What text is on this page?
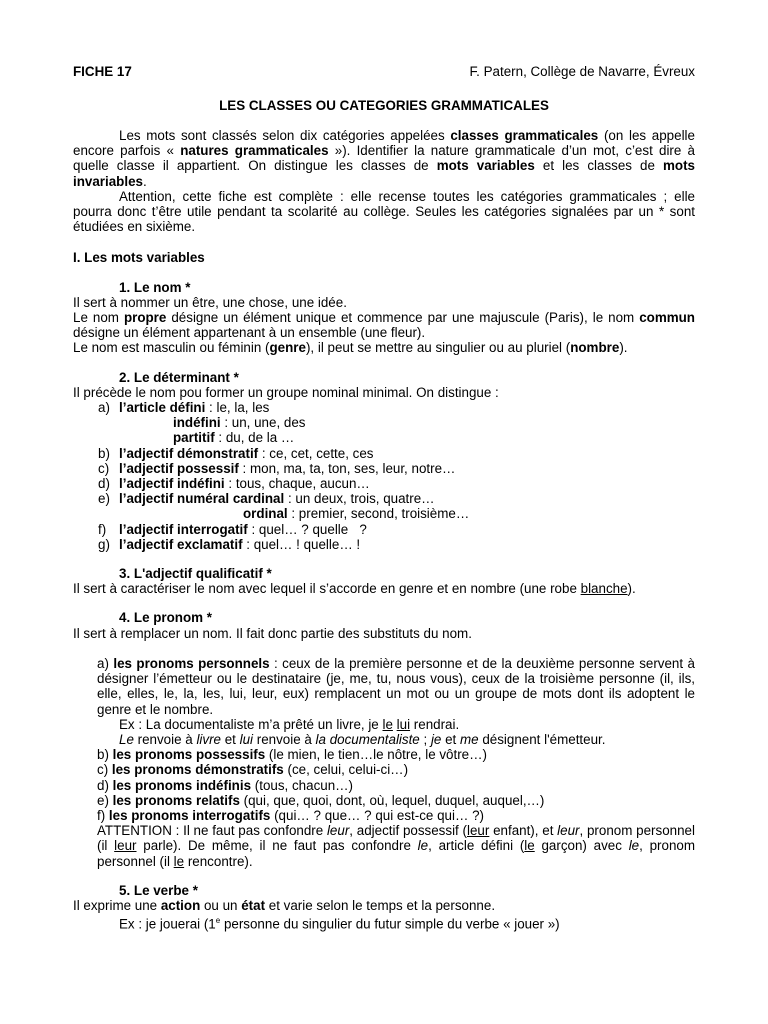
FICHE 17	F. Patern, Collège de Navarre, Évreux
LES CLASSES OU CATEGORIES GRAMMATICALES

Les mots sont classés selon dix catégories appelées classes grammaticales (on les appelle encore parfois « natures grammaticales »). Identifier la nature grammaticale d’un mot, c’est dire à quelle classe il appartient. On distingue les classes de mots variables et les classes de mots invariables.

Attention, cette fiche est complète : elle recense toutes les catégories grammaticales ; elle pourra donc t’être utile pendant ta scolarité au collège. Seules les catégories signalées par un * sont étudiées en sixième.

I. Les mots variables
1. Le nom *

Il sert à nommer un être, une chose, une idée.

Le nom propre désigne un élément unique et commence par une majuscule (Paris), le nom commun désigne un élément appartenant à un ensemble (une fleur).

Le nom est masculin ou féminin (genre), il peut se mettre au singulier ou au pluriel (nombre).

2. Le déterminant *

Il précède le nom pou former un groupe nominal minimal. On distingue :

a) l’article défini : le, la, les
indéfini : un, une, des
partitif : du, de la …
b) l’adjectif démonstratif : ce, cet, cette, ces
c) l’adjectif possessif : mon, ma, ta, ton, ses, leur, notre…
d) l’adjectif indéfini : tous, chaque, aucun…
e) l’adjectif numéral cardinal : un deux, trois, quatre…
ordinal : premier, second, troisième…
f) l’adjectif interrogatif : quel… ? quelle   ?
g) l’adjectif exclamatif : quel… ! quelle… !
3. L'adjectif qualificatif *

Il sert à caractériser le nom avec lequel il s’accorde en genre et en nombre (une robe blanche).

4. Le pronom *

Il sert à remplacer un nom. Il fait donc partie des substituts du nom.

a) les pronoms personnels : ceux de la première personne et de la deuxième personne servent à désigner l’émetteur ou le destinataire (je, me, tu, nous vous), ceux de la troisième personne (il, ils, elle, elles, le, la, les, lui, leur, eux) remplacent un mot ou un groupe de mots dont ils adoptent le genre et le nombre.

Ex : La documentaliste m’a prêté un livre, je le lui rendrai.

Le renvoie à livre et lui renvoie à la documentaliste ; je et me désignent l'émetteur.

b) les pronoms possessifs (le mien, le tien…le nôtre, le vôtre…)

c) les pronoms démonstratifs (ce, celui, celui-ci…)

d) les pronoms indéfinis (tous, chacun…)

e) les pronoms relatifs (qui, que, quoi, dont, où, lequel, duquel, auquel,…)

f) les pronoms interrogatifs (qui… ? que… ? qui est-ce qui… ?)

ATTENTION : Il ne faut pas confondre leur, adjectif possessif (leur enfant), et leur, pronom personnel (il leur parle). De même, il ne faut pas confondre le, article défini (le garçon) avec le, pronom personnel (il le rencontre).

5. Le verbe *

Il exprime une action ou un état et varie selon le temps et la personne.

Ex : je jouerai (1e personne du singulier du futur simple du verbe « jouer »)
